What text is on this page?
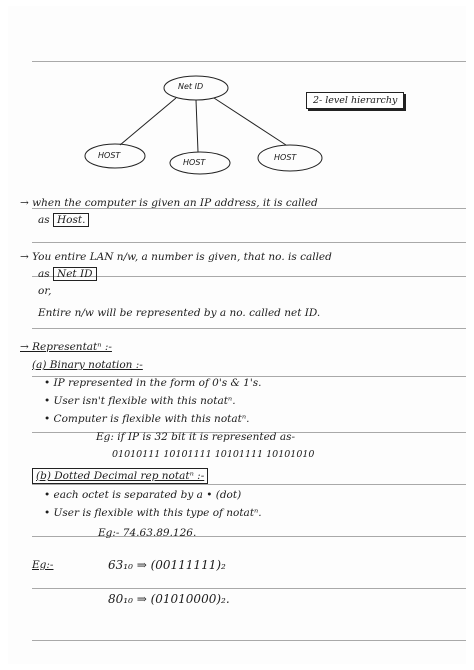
Net ID
HOST
HOST
HOST
2- level hierarchy
→ when the computer is given an IP address, it is called
as Host.
→ You entire LAN n/w, a number is given, that no. is called
as Net ID
or,
Entire n/w will be represented by a no. called net ID.
→ Representatⁿ :-
(a) Binary notation :-
• IP represented in the form of 0's & 1's.
• User isn't flexible with this notatⁿ.
• Computer is flexible with this notatⁿ.
Eg: if IP is 32 bit it is represented as-
01010111 10101111 10101111 10101010
(b) Dotted Decimal rep notatⁿ :-
• each octet is separated by a • (dot)
• User is flexible with this type of notatⁿ.
Eg:- 74.63.89.126.
Eg:-	63₁₀ ⇒ (00111111)₂
80₁₀ ⇒ (01010000)₂.
